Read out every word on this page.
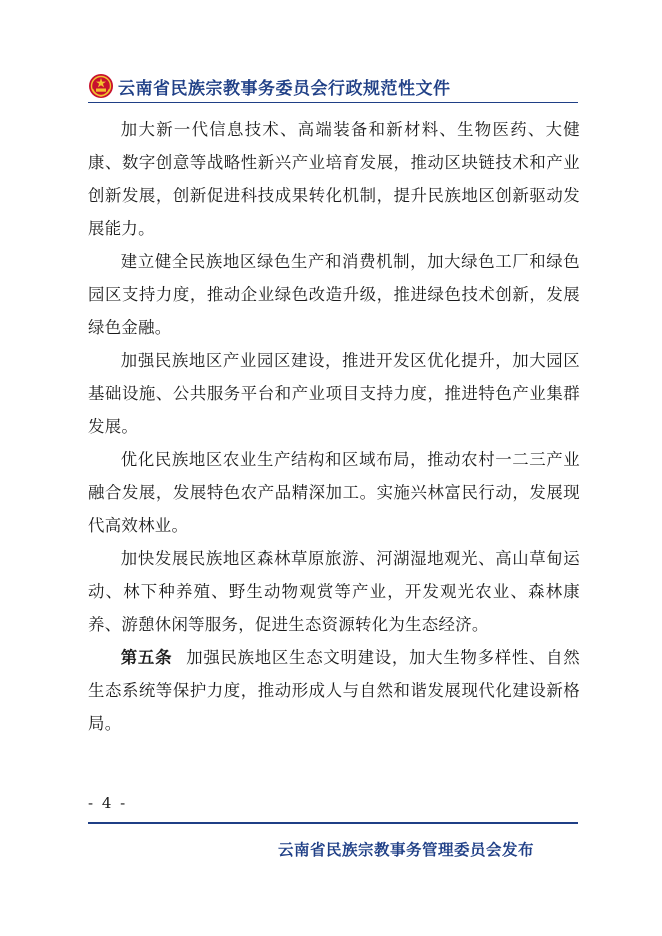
云南省民族宗教事务委员会行政规范性文件

加大新一代信息技术、高端装备和新材料、生物医药、大健康、数字创意等战略性新兴产业培育发展，推动区块链技术和产业创新发展，创新促进科技成果转化机制，提升民族地区创新驱动发展能力。

建立健全民族地区绿色生产和消费机制，加大绿色工厂和绿色园区支持力度，推动企业绿色改造升级，推进绿色技术创新，发展绿色金融。

加强民族地区产业园区建设，推进开发区优化提升，加大园区基础设施、公共服务平台和产业项目支持力度，推进特色产业集群发展。

优化民族地区农业生产结构和区域布局，推动农村一二三产业融合发展，发展特色农产品精深加工。实施兴林富民行动，发展现代高效林业。

加快发展民族地区森林草原旅游、河湖湿地观光、高山草甸运动、林下种养殖、野生动物观赏等产业，开发观光农业、森林康养、游憩休闲等服务，促进生态资源转化为生态经济。

第五条 加强民族地区生态文明建设，加大生物多样性、自然生态系统等保护力度，推动形成人与自然和谐发展现代化建设新格局。

- 4 -
云南省民族宗教事务管理委员会发布
